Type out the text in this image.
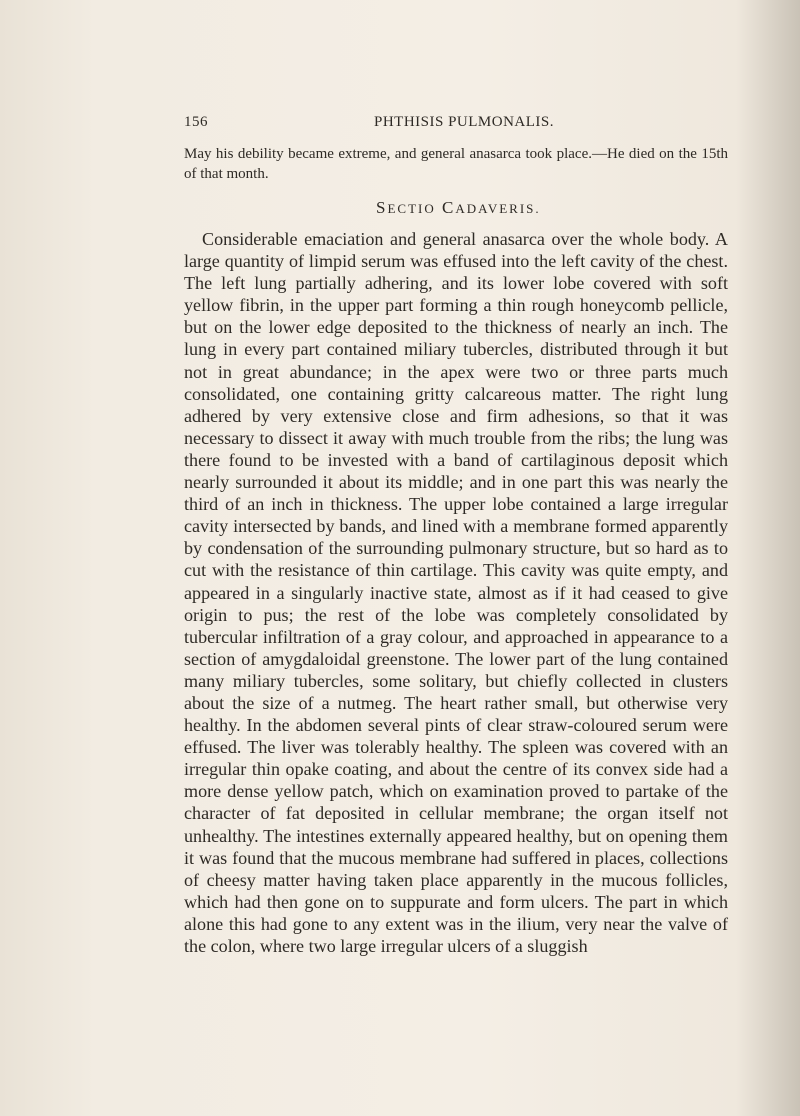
156	PHTHISIS PULMONALIS.
May his debility became extreme, and general anasarca took place.—He died on the 15th of that month.
SECTIO CADAVERIS.

Considerable emaciation and general anasarca over the whole body. A large quantity of limpid serum was effused into the left cavity of the chest. The left lung partially adhering, and its lower lobe covered with soft yellow fibrin, in the upper part forming a thin rough honeycomb pellicle, but on the lower edge deposited to the thickness of nearly an inch. The lung in every part contained miliary tubercles, distributed through it but not in great abundance; in the apex were two or three parts much consolidated, one containing gritty calcareous matter. The right lung adhered by very extensive close and firm adhesions, so that it was necessary to dissect it away with much trouble from the ribs; the lung was there found to be invested with a band of cartilaginous deposit which nearly surrounded it about its middle; and in one part this was nearly the third of an inch in thickness. The upper lobe contained a large irregular cavity intersected by bands, and lined with a membrane formed apparently by condensation of the surrounding pulmonary structure, but so hard as to cut with the resistance of thin cartilage. This cavity was quite empty, and appeared in a singularly inactive state, almost as if it had ceased to give origin to pus; the rest of the lobe was completely consolidated by tubercular infiltration of a gray colour, and approached in appearance to a section of amygdaloidal greenstone. The lower part of the lung contained many miliary tubercles, some solitary, but chiefly collected in clusters about the size of a nutmeg. The heart rather small, but otherwise very healthy. In the abdomen several pints of clear straw-coloured serum were effused. The liver was tolerably healthy. The spleen was covered with an irregular thin opake coating, and about the centre of its convex side had a more dense yellow patch, which on examination proved to partake of the character of fat deposited in cellular membrane; the organ itself not unhealthy. The intestines externally appeared healthy, but on opening them it was found that the mucous membrane had suffered in places, collections of cheesy matter having taken place apparently in the mucous follicles, which had then gone on to suppurate and form ulcers. The part in which alone this had gone to any extent was in the ilium, very near the valve of the colon, where two large irregular ulcers of a sluggish
